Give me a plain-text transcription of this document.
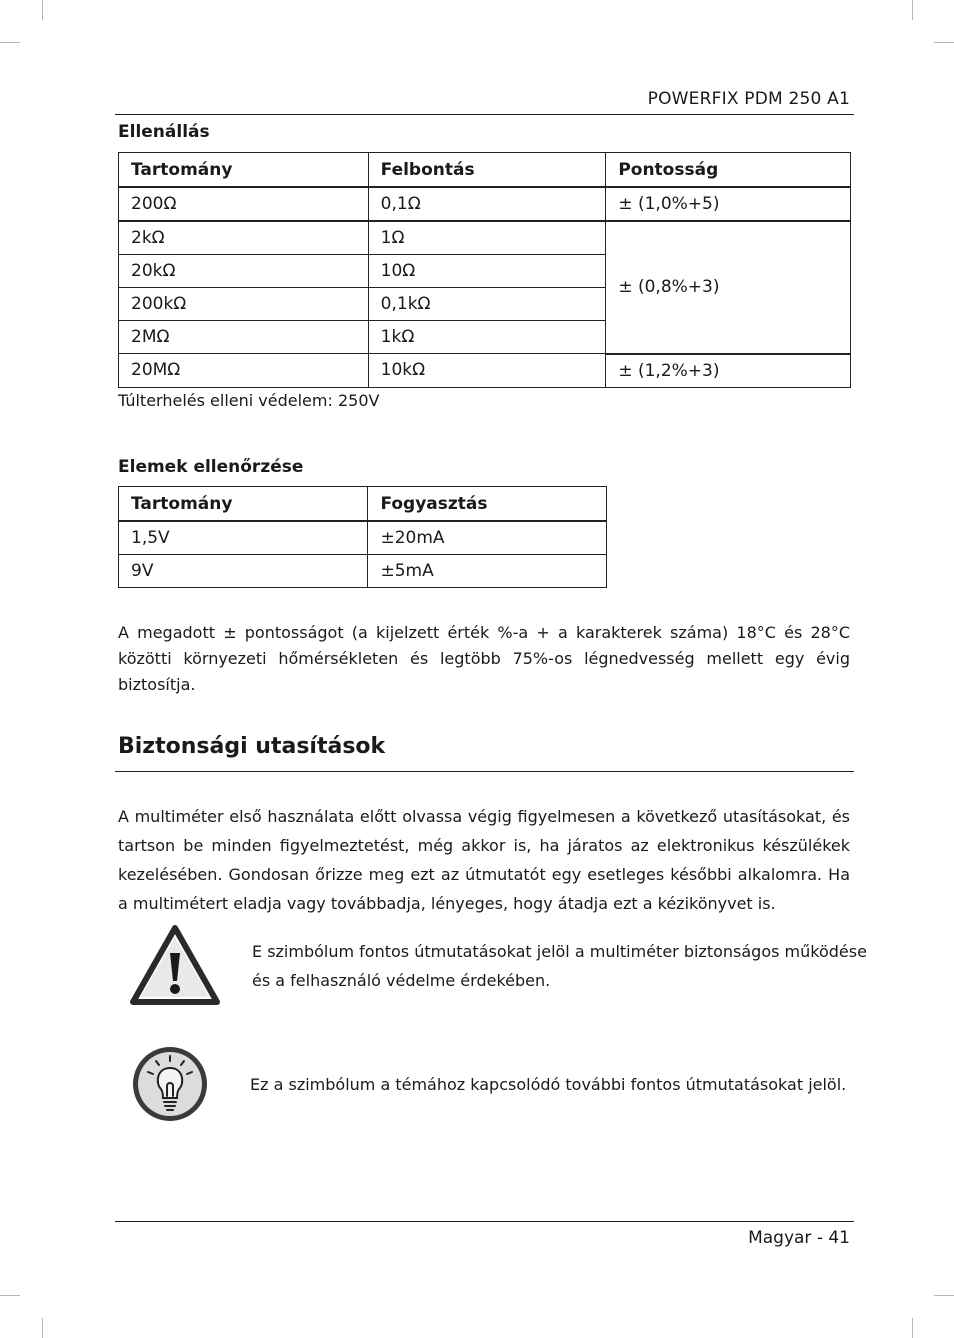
POWERFIX PDM 250 A1
Ellenállás
Tartomány	Felbontás	Pontosság
200Ω	0,1Ω	± (1,0%+5)
2kΩ	1Ω	± (0,8%+3)
20kΩ	10Ω	
200kΩ	0,1kΩ	
2MΩ	1kΩ	
20MΩ	10kΩ	± (1,2%+3)
Túlterhelés elleni védelem: 250V
Elemek ellenőrzése
Tartomány	Fogyasztás
1,5V	±20mA
9V	±5mA

A megadott ± pontosságot (a kijelzett érték %-a + a karakterek száma) 18°C és 28°C közötti környezeti hőmérsékleten és legtöbb 75%-os légnedvesség mellett egy évig biztosítja.

Biztonsági utasítások

A multiméter első használata előtt olvassa végig figyelmesen a következő utasításokat, és tartson be minden figyelmeztetést, még akkor is, ha járatos az elektronikus készülékek kezelésében. Gondosan őrizze meg ezt az útmutatót egy esetleges későbbi alkalomra. Ha a multimétert eladja vagy továbbadja, lényeges, hogy átadja ezt a kézikönyvet is.

E szimbólum fontos útmutatásokat jelöl a multiméter biztonságos működése
és a felhasználó védelme érdekében.
Ez a szimbólum a témához kapcsolódó további fontos útmutatásokat jelöl.
Magyar - 41
